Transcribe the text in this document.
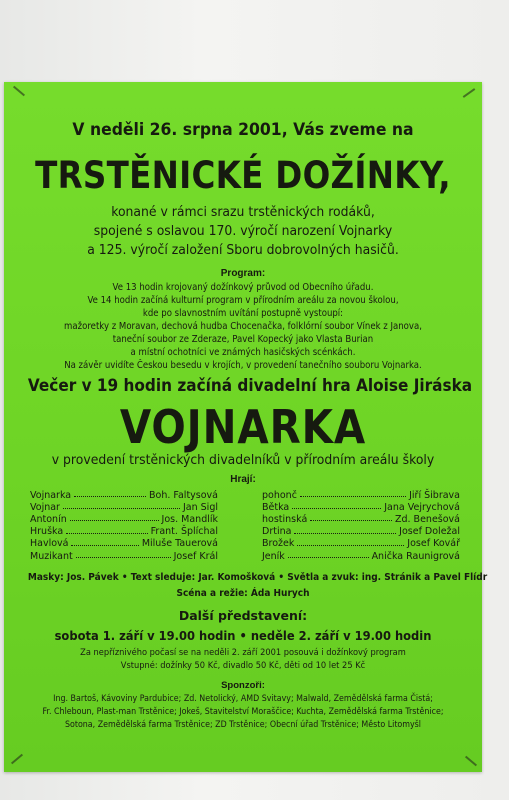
V neděli 26. srpna 2001, Vás zveme na
TRSTĚNICKÉ DOŽÍNKY,
konané v rámci srazu trstěnických rodáků,
spojené s oslavou 170. výročí narození Vojnarky
a 125. výročí založení Sboru dobrovolných hasičů.
Program:
Ve 13 hodin krojovaný dožínkový průvod od Obecního úřadu.
Ve 14 hodin začíná kulturní program v přírodním areálu za novou školou,
kde po slavnostním uvítání postupně vystoupí:
mažoretky z Moravan, dechová hudba Chocenačka, folklórní soubor Vínek z Janova,
taneční soubor ze Zderaze, Pavel Kopecký jako Vlasta Burian
a místní ochotníci ve známých hasičských scénkách.
Na závěr uvidíte Českou besedu v krojích, v provedení tanečního souboru Vojnarka.
Večer v 19 hodin začíná divadelní hra Aloise Jiráska
VOJNARKA
v provedení trstěnických divadelníků v přírodním areálu školy
Hrají:
Vojnarka	Boh. Faltysová
Vojnar	Jan Sigl
Antonín	Jos. Mandlík
Hruška	Frant. Šplíchal
Havlová	Miluše Tauerová
Muzikant	Josef Král
pohonč	Jiří Šibrava
Bětka	Jana Vejrychová
hostinská	Zd. Benešová
Drtina	Josef Doležal
Brožek	Josef Kovář
Jeník	Anička Raunigrová
Masky: Jos. Pávek • Text sleduje: Jar. Komošková • Světla a zvuk: ing. Stránik a Pavel Flídr
Scéna a režie: Áda Hurych
Další představení:
sobota 1. září v 19.00 hodin • neděle 2. září v 19.00 hodin
Za nepříznivého počasí se na neděli 2. září 2001 posouvá i dožínkový program
Vstupné: dožínky 50 Kč, divadlo 50 Kč, děti od 10 let 25 Kč
Sponzoři:
Ing. Bartoš, Kávoviny Pardubice; Zd. Netolický, AMD Svitavy; Malwald, Zemědělská farma Čistá;
Fr. Chleboun, Plast-man Trstěnice; Jokeš, Stavitelství Moraščice; Kuchta, Zemědělská farma Trstěnice;
Sotona, Zemědělská farma Trstěnice; ZD Trstěnice; Obecní úřad Trstěnice; Město Litomyšl
